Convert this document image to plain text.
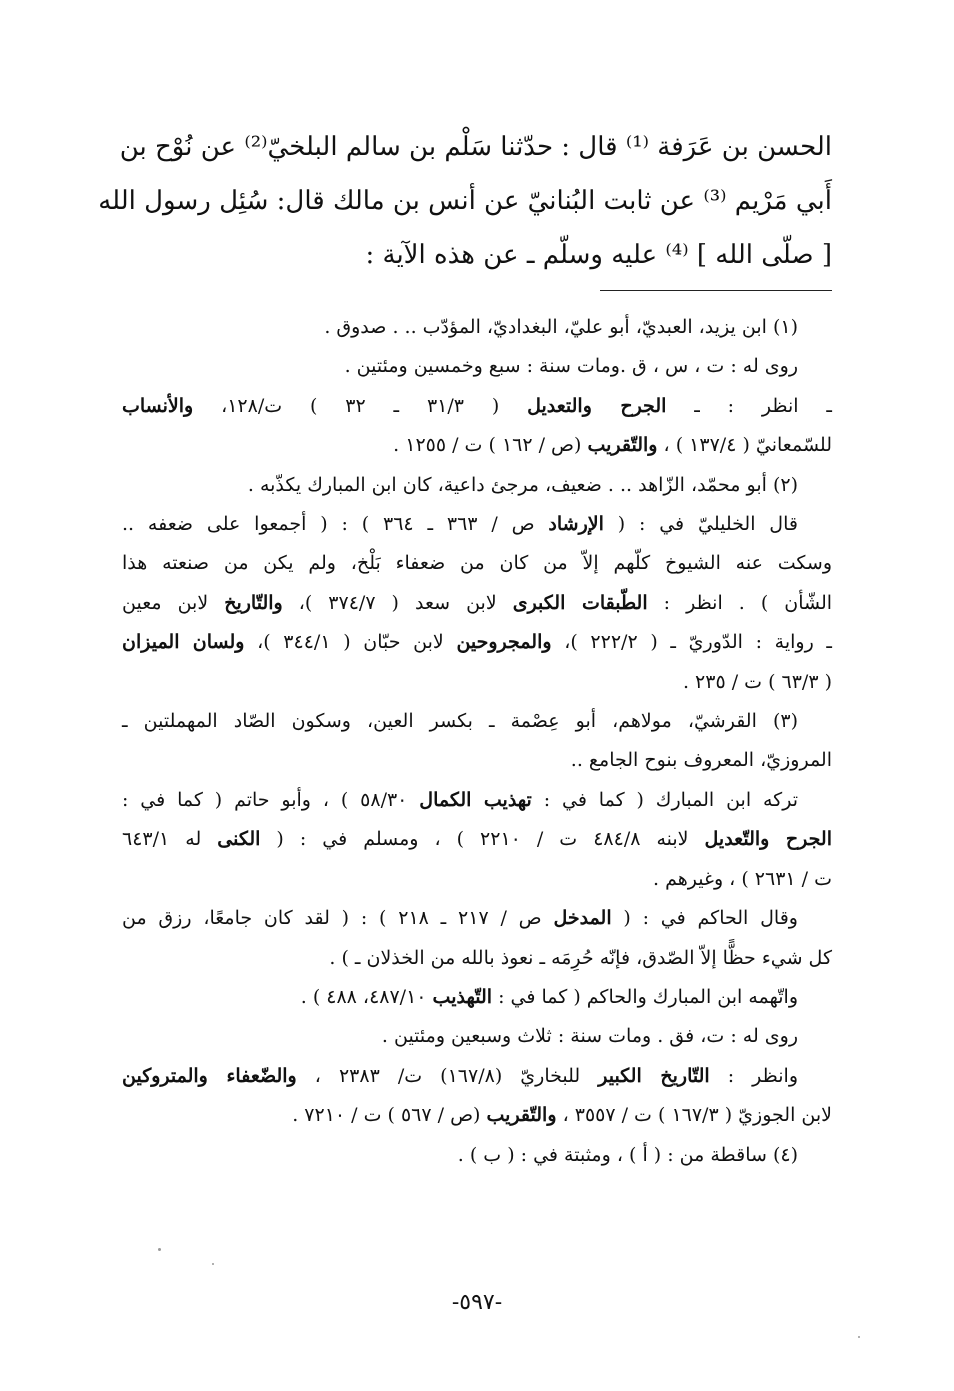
الحسن بن عَرَفة ⁽¹⁾ قال : حدّثنا سَلْم بن سالم البلخيّ⁽²⁾ عن نُوْح بن
أَبي مَرْيم ⁽³⁾ عن ثابت البُنانيّ عن أنس بن مالك قال: سُئِل رسول الله
[ صلّى الله ] ⁽⁴⁾ عليه وسلّم ـ عن هذه الآية :
(١) ابن يزيد، العبديّ، أبو عليّ، البغداديّ، المؤدّب .. . صدوق .
روى له : ت ، س ، ق .ومات سنة : سبع وخمسين ومئتين .
ـ انظر : ـ الجرح والتعديل ( ٣١/٣ ـ ٣٢ ) ت/١٢٨، والأنساب
للسّمعانيّ ( ١٣٧/٤ ) ، والتّقريب (ص / ١٦٢ ) ت / ١٢٥٥ .
(٢) أبو محمّد، الزّاهد .. . ضعيف، مرجئ داعية، كان ابن المبارك يكذّبه .
قال الخليليّ في : ( الإرشاد ص / ٣٦٣ ـ ٣٦٤ ) : ( أجمعوا على ضعفه ..
وسكت عنه الشيوخ كلّهم إلاّ من كان من ضعفاء بَلْخ، ولم يكن من صنعته هذا
الشّأن ) . انظر : الطّبقات الكبرى لابن سعد ( ٣٧٤/٧ )، والتّاريخ لابن معين
ـ رواية : الدّوريّ ـ ( ٢٢٢/٢ )، والمجروحين لابن حبّان ( ٣٤٤/١ )، ولسان الميزان
( ٦٣/٣ ) ت / ٢٣٥ .
(٣) القرشيّ، مولاهم، أبو عِصْمة ـ بكسر العين، وسكون الصّاد المهملتين ـ
المروزيّ، المعروف بنوح الجامع ..
تركه ابن المبارك ( كما في : تهذيب الكمال ٥٨/٣٠ ) ، وأبو حاتم ( كما في :
الجرح والتّعديل لابنه ٤٨٤/٨ ت / ٢٢١٠ ) ، ومسلم في : ( الكنى له ٦٤٣/١
ت / ٢٦٣١ ) ، وغيرهم .
وقال الحاكم في : ( المدخل ص / ٢١٧ ـ ٢١٨ ) : ( لقد كان جامعًا، رزق من
كل شيء حظًّا إلاّ الصّدق، فإنّه حُرِمَه ـ نعوذ بالله من الخذلان ـ ) .
واتّهمه ابن المبارك والحاكم ( كما في : التّهذيب ٤٨٧/١٠، ٤٨٨ ) .
روى له : ت، فق . ومات سنة : ثلاث وسبعين ومئتين .
وانظر : التّاريخ الكبير للبخاريّ (١٦٧/٨) ت/ ٢٣٨٣ ، والضّعفاء والمتروكين
لابن الجوزيّ ( ١٦٧/٣ ) ت / ٣٥٥٧ ، والتّقريب (ص / ٥٦٧ ) ت / ٧٢١٠ .
(٤) ساقطة من : ( أ ) ، ومثبتة في : ( ب ) .
-٥٩٧-
